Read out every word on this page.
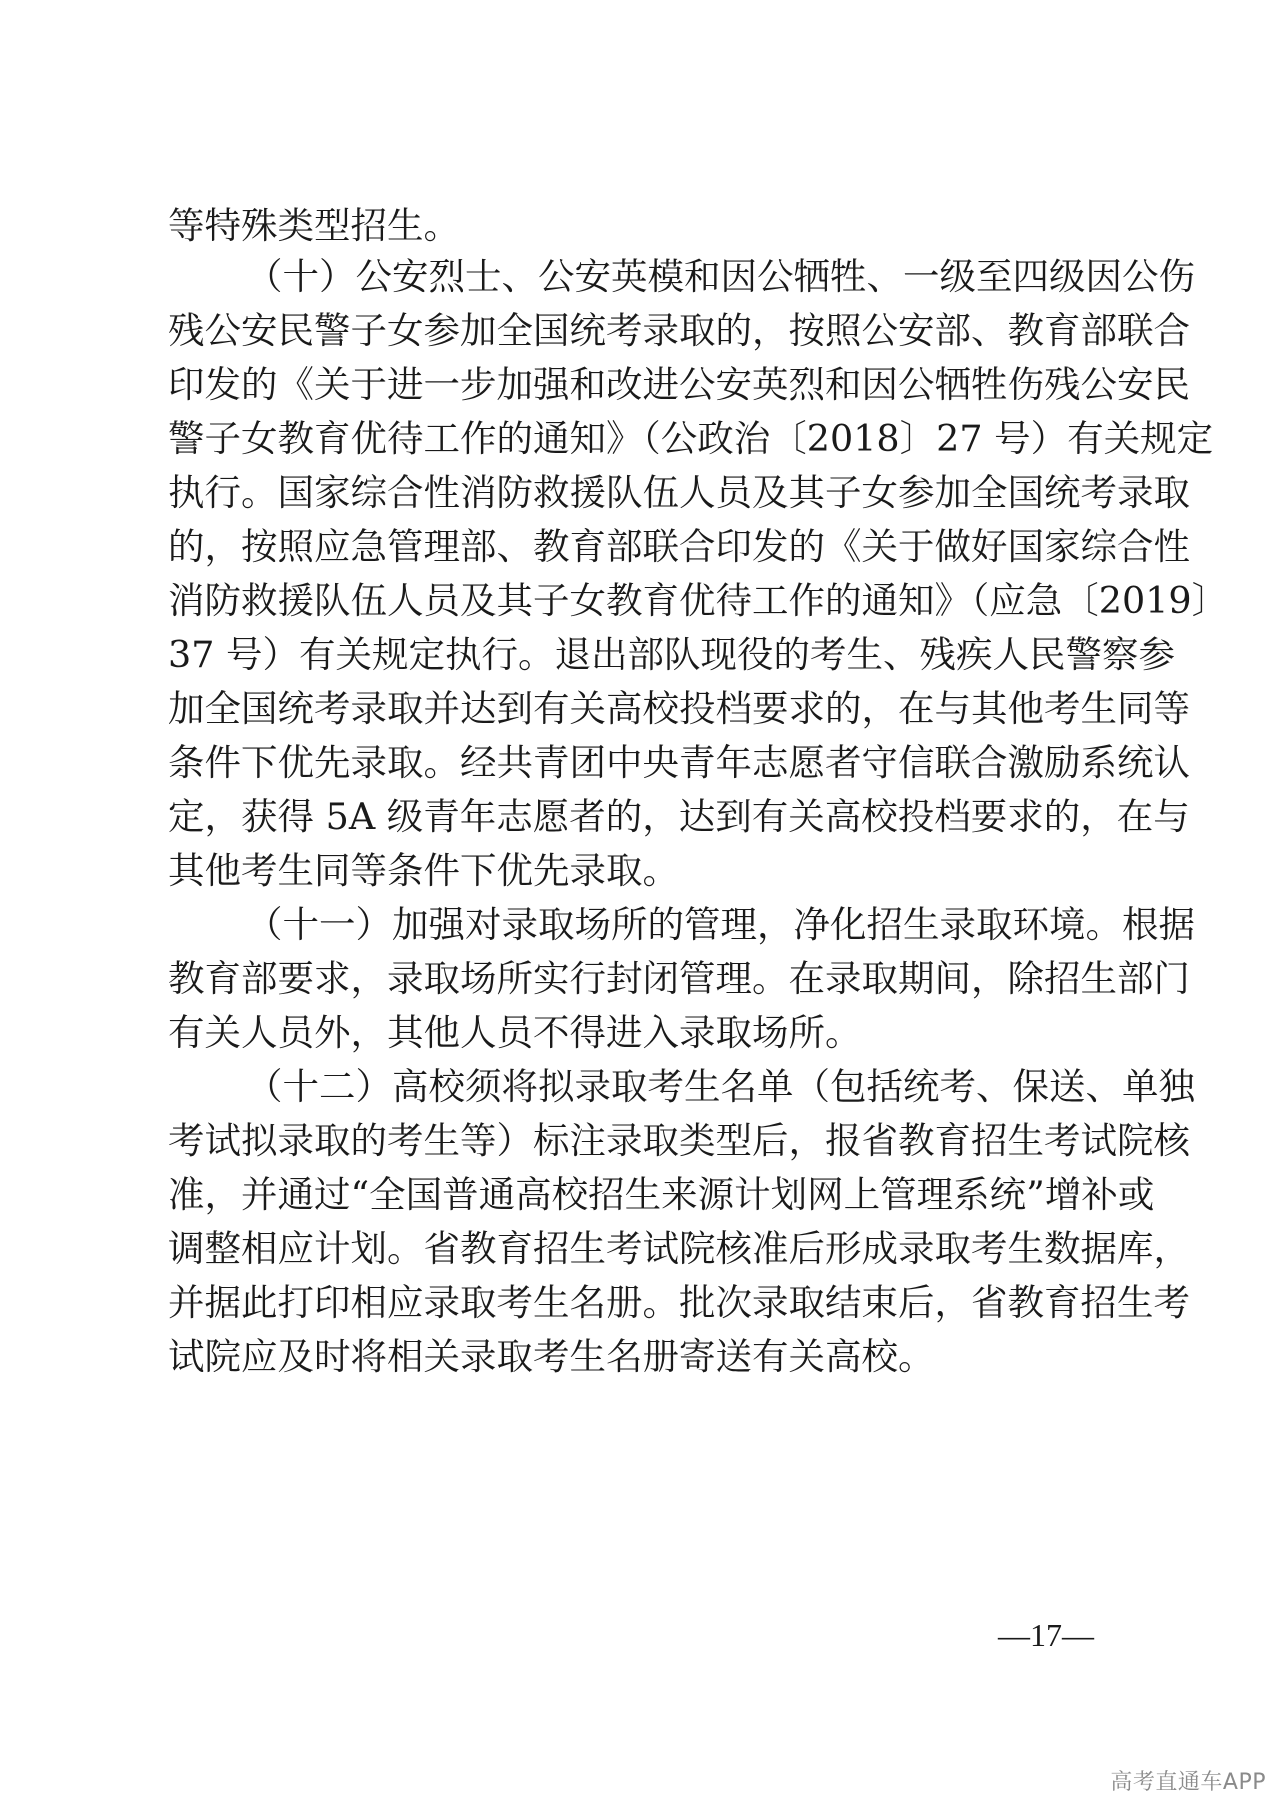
等特殊类型招生。
（十）公安烈士、公安英模和因公牺牲、一级至四级因公伤
残公安民警子女参加全国统考录取的，按照公安部、教育部联合
印发的《关于进一步加强和改进公安英烈和因公牺牲伤残公安民
警子女教育优待工作的通知》（公政治〔2018〕27 号）有关规定
执行。国家综合性消防救援队伍人员及其子女参加全国统考录取
的，按照应急管理部、教育部联合印发的《关于做好国家综合性
消防救援队伍人员及其子女教育优待工作的通知》（应急〔2019〕
37 号）有关规定执行。退出部队现役的考生、残疾人民警察参
加全国统考录取并达到有关高校投档要求的，在与其他考生同等
条件下优先录取。经共青团中央青年志愿者守信联合激励系统认
定，获得 5A 级青年志愿者的，达到有关高校投档要求的，在与
其他考生同等条件下优先录取。
（十一）加强对录取场所的管理，净化招生录取环境。根据
教育部要求，录取场所实行封闭管理。在录取期间，除招生部门
有关人员外，其他人员不得进入录取场所。
（十二）高校须将拟录取考生名单（包括统考、保送、单独
考试拟录取的考生等）标注录取类型后，报省教育招生考试院核
准，并通过“全国普通高校招生来源计划网上管理系统”增补或
调整相应计划。省教育招生考试院核准后形成录取考生数据库，
并据此打印相应录取考生名册。批次录取结束后，省教育招生考
试院应及时将相关录取考生名册寄送有关高校。
—17—
高考直通车APP
